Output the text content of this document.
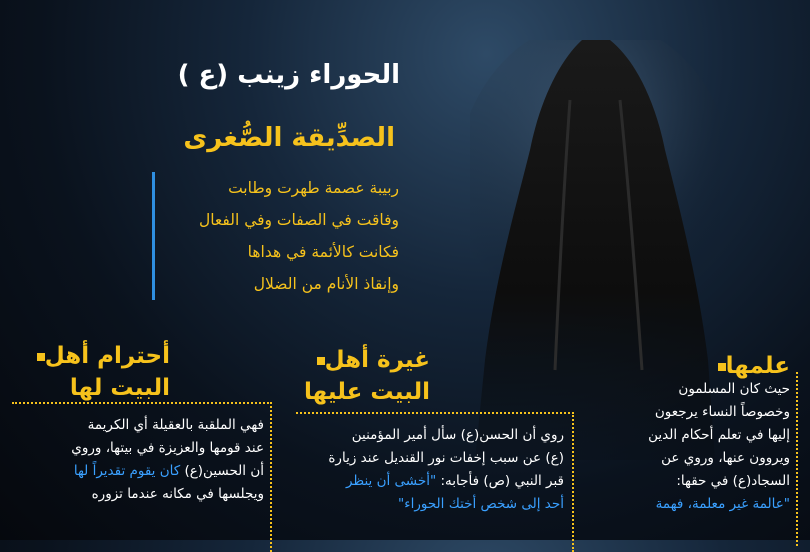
الحوراء زينب (ع )
الصدِّيقة الصُّغرى
ربيبة عصمة طهرت وطابت
وفاقت في الصفات وفي الفعال
فكانت كالأئمة في هداها
وإنقاذ الأنام من الضلال
علمها

حيث كان المسلمون

وخصوصاً النساء يرجعون

إليها في تعلم أحكام الدين

ويروون عنها، وروي عن

السجاد(ع) في حقها:

"عالمة غير معلمة، فهمة

غيرة أهل
البيت عليها

روي أن الحسن(ع) سأل أمير المؤمنين

(ع) عن سبب إخفات نور القنديل عند زيارة

قبر النبي (ص) فأجابه: "أخشى أن ينظر

أحد إلى شخص أختك الحوراء"

أحترام أهل
البيت لها

فهي الملقبة بالعقيلة أي الكريمة

عند قومها والعزيزة في بيتها، وروي

أن الحسين(ع) كان يقوم تقديراً لها

ويجلسها في مكانه عندما تزوره
